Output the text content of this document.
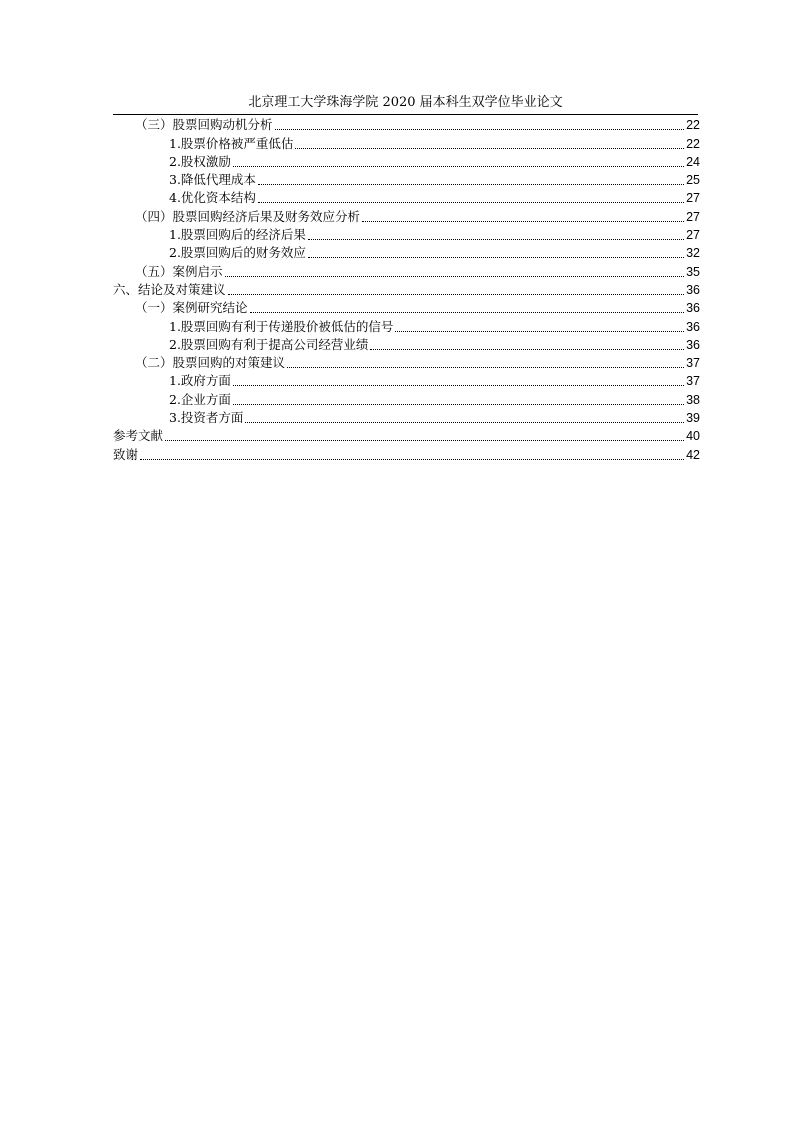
北京理工大学珠海学院 2020 届本科生双学位毕业论文
（三）股票回购动机分析	22
1.股票价格被严重低估	22
2.股权激励	24
3.降低代理成本	25
4.优化资本结构	27
（四）股票回购经济后果及财务效应分析	27
1.股票回购后的经济后果	27
2.股票回购后的财务效应	32
（五）案例启示	35
六、结论及对策建议	36
（一）案例研究结论	36
1.股票回购有利于传递股价被低估的信号	36
2.股票回购有利于提高公司经营业绩	36
（二）股票回购的对策建议	37
1.政府方面	37
2.企业方面	38
3.投资者方面	39
参考文献	40
致谢	42
